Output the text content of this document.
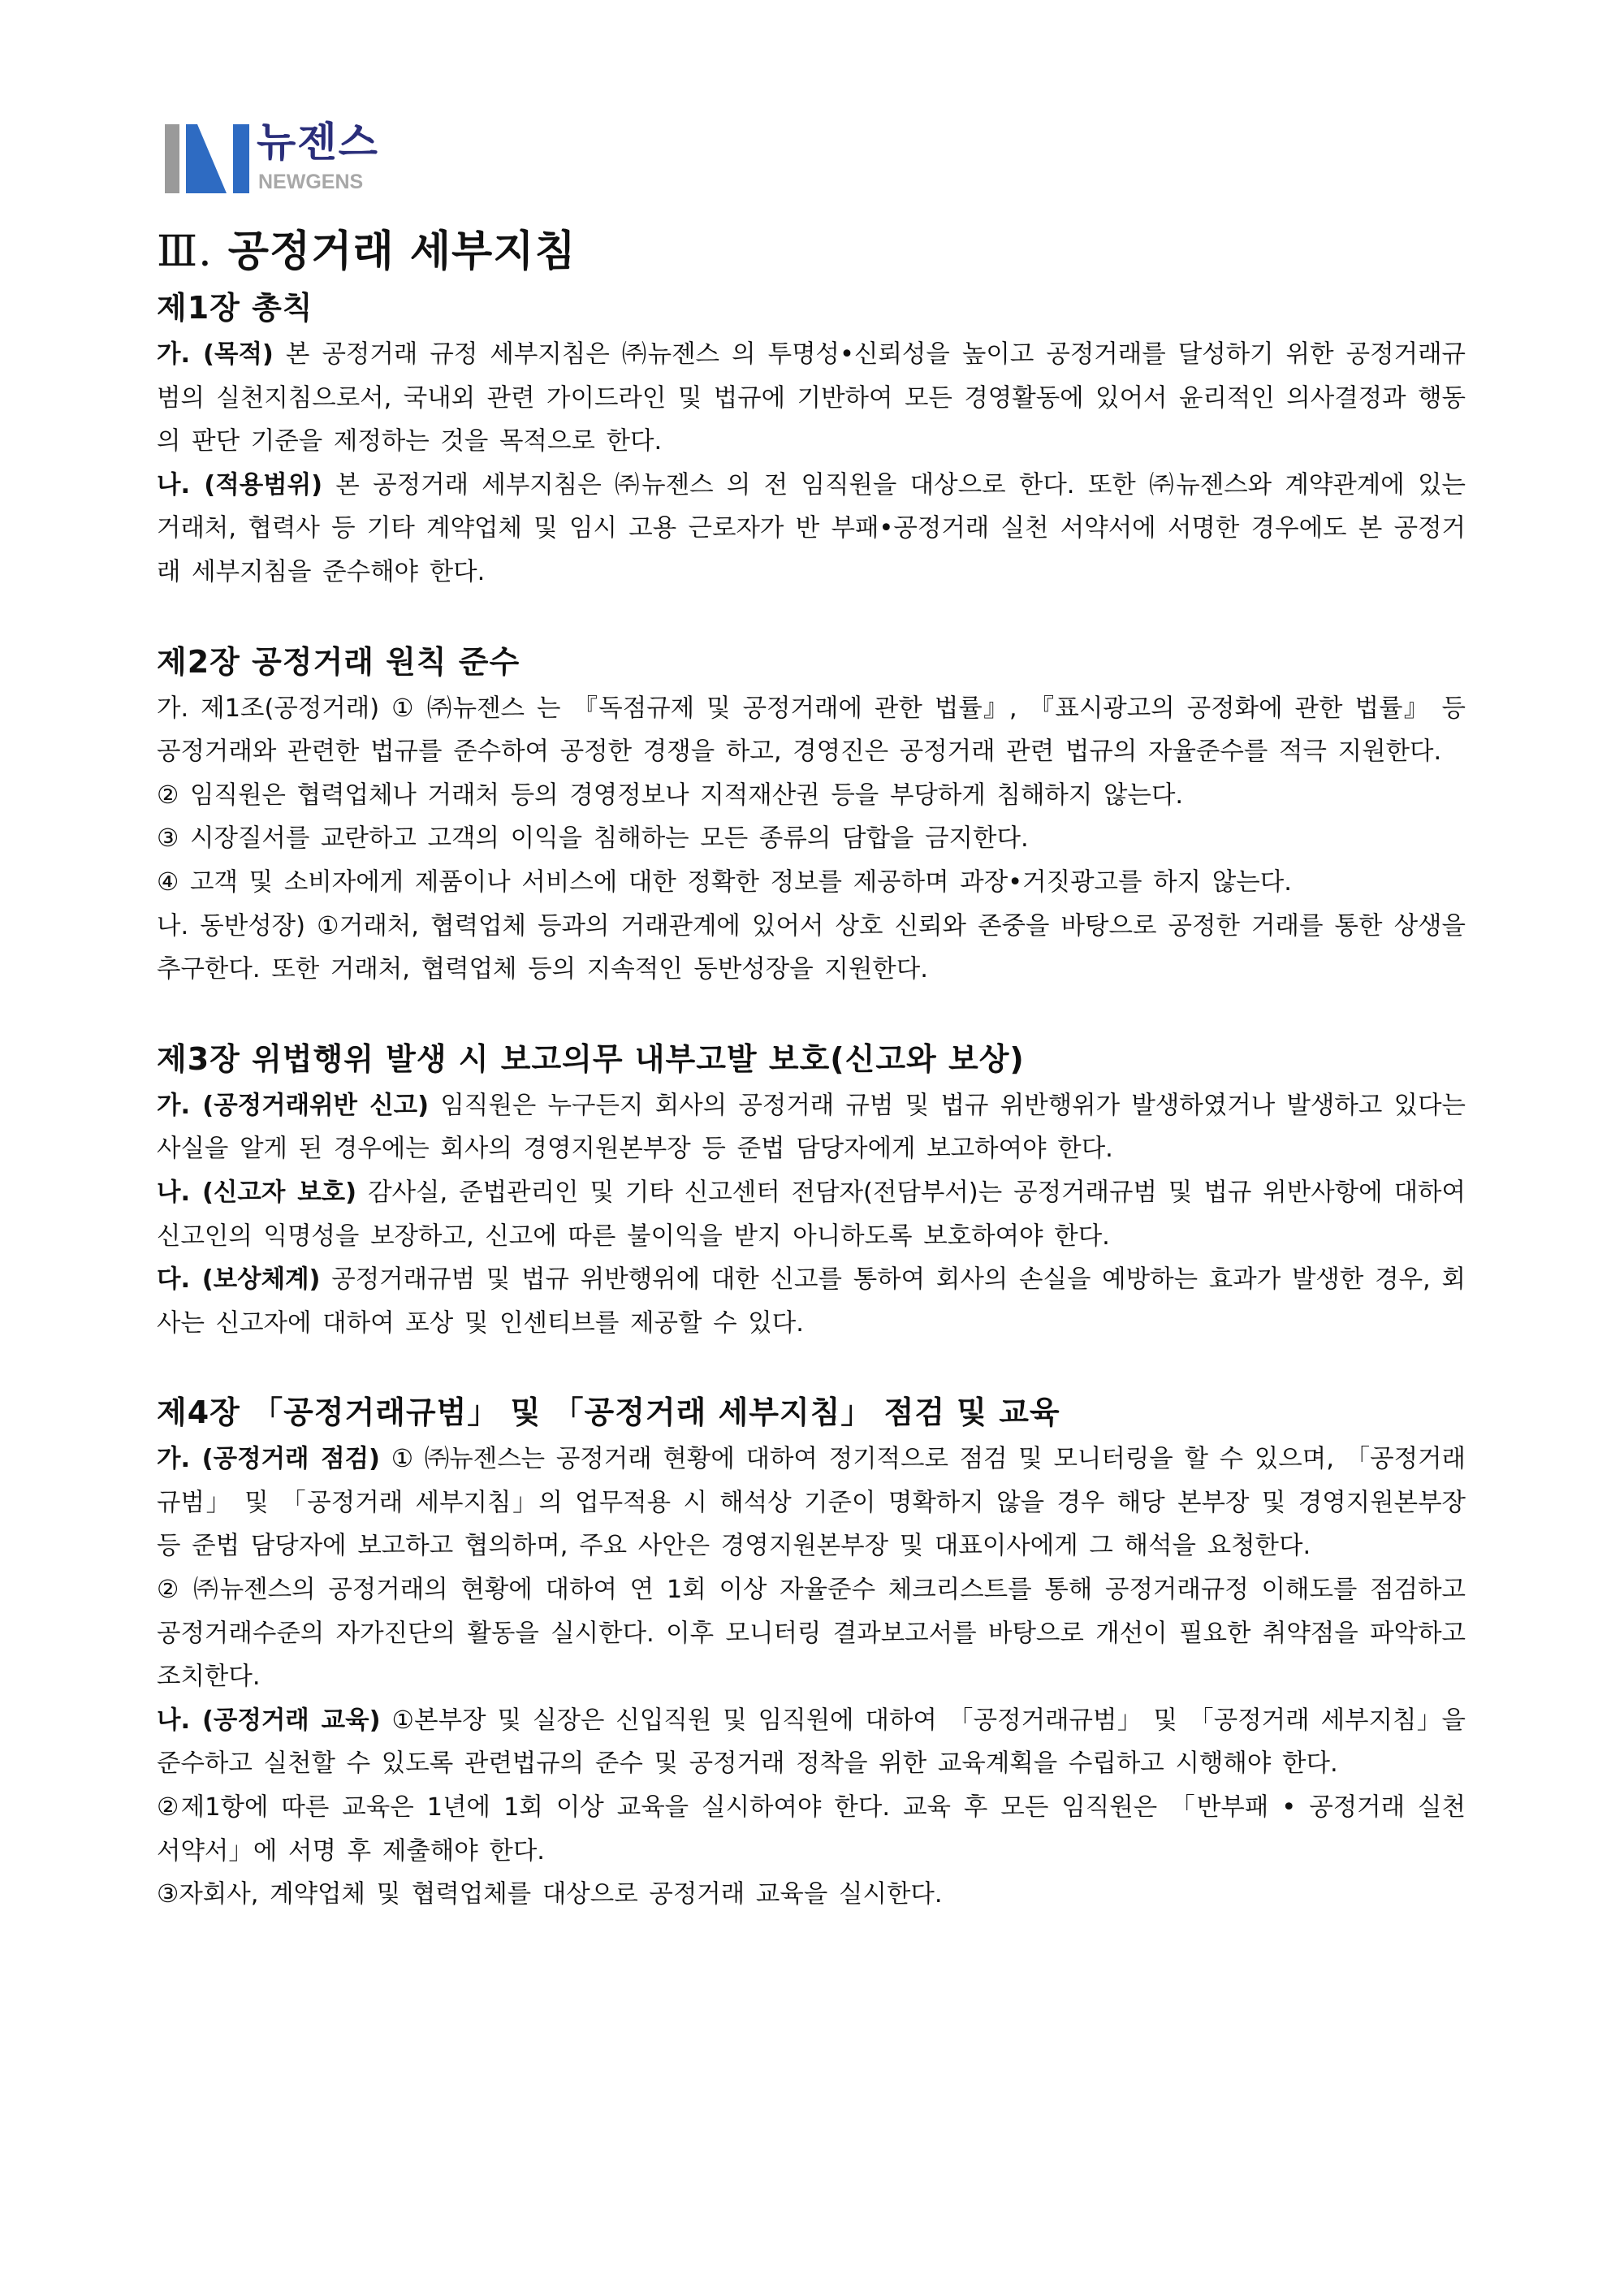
뉴젠스
NEWGENS
Ⅲ. 공정거래 세부지침
제1장 총칙

가. (목적) 본 공정거래 규정 세부지침은 ㈜뉴젠스 의 투명성•신뢰성을 높이고 공정거래를 달성하기 위한 공정거래규범의 실천지침으로서, 국내외 관련 가이드라인 및 법규에 기반하여 모든 경영활동에 있어서 윤리적인 의사결정과 행동의 판단 기준을 제정하는 것을 목적으로 한다.

나. (적용범위) 본 공정거래 세부지침은 ㈜뉴젠스 의 전 임직원을 대상으로 한다. 또한 ㈜뉴젠스와 계약관계에 있는 거래처, 협력사 등 기타 계약업체 및 임시 고용 근로자가 반 부패•공정거래 실천 서약서에 서명한 경우에도 본 공정거래 세부지침을 준수해야 한다.

제2장 공정거래 원칙 준수

가. 제1조(공정거래) ① ㈜뉴젠스 는 『독점규제 및 공정거래에 관한 법률』, 『표시광고의 공정화에 관한 법률』 등 공정거래와 관련한 법규를 준수하여 공정한 경쟁을 하고, 경영진은 공정거래 관련 법규의 자율준수를 적극 지원한다.

② 임직원은 협력업체나 거래처 등의 경영정보나 지적재산권 등을 부당하게 침해하지 않는다.

③ 시장질서를 교란하고 고객의 이익을 침해하는 모든 종류의 담합을 금지한다.

④ 고객 및 소비자에게 제품이나 서비스에 대한 정확한 정보를 제공하며 과장•거짓광고를 하지 않는다.

나. 동반성장) ①거래처, 협력업체 등과의 거래관계에 있어서 상호 신뢰와 존중을 바탕으로 공정한 거래를 통한 상생을 추구한다. 또한 거래처, 협력업체 등의 지속적인 동반성장을 지원한다.

제3장 위법행위 발생 시 보고의무 내부고발 보호(신고와 보상)

가. (공정거래위반 신고) 임직원은 누구든지 회사의 공정거래 규범 및 법규 위반행위가 발생하였거나 발생하고 있다는 사실을 알게 된 경우에는 회사의 경영지원본부장 등 준법 담당자에게 보고하여야 한다.

나. (신고자 보호) 감사실, 준법관리인 및 기타 신고센터 전담자(전담부서)는 공정거래규범 및 법규 위반사항에 대하여 신고인의 익명성을 보장하고, 신고에 따른 불이익을 받지 아니하도록 보호하여야 한다.

다. (보상체계) 공정거래규범 및 법규 위반행위에 대한 신고를 통하여 회사의 손실을 예방하는 효과가 발생한 경우, 회사는 신고자에 대하여 포상 및 인센티브를 제공할 수 있다.

제4장 「공정거래규범」 및 「공정거래 세부지침」 점검 및 교육

가. (공정거래 점검) ① ㈜뉴젠스는 공정거래 현황에 대하여 정기적으로 점검 및 모니터링을 할 수 있으며, 「공정거래규범」 및 「공정거래 세부지침」의 업무적용 시 해석상 기준이 명확하지 않을 경우 해당 본부장 및 경영지원본부장 등 준법 담당자에 보고하고 협의하며, 주요 사안은 경영지원본부장 및 대표이사에게 그 해석을 요청한다.

② ㈜뉴젠스의 공정거래의 현황에 대하여 연 1회 이상 자율준수 체크리스트를 통해 공정거래규정 이해도를 점검하고 공정거래수준의 자가진단의 활동을 실시한다. 이후 모니터링 결과보고서를 바탕으로 개선이 필요한 취약점을 파악하고 조치한다.

나. (공정거래 교육) ①본부장 및 실장은 신입직원 및 임직원에 대하여 「공정거래규범」 및 「공정거래 세부지침」을 준수하고 실천할 수 있도록 관련법규의 준수 및 공정거래 정착을 위한 교육계획을 수립하고 시행해야 한다.

②제1항에 따른 교육은 1년에 1회 이상 교육을 실시하여야 한다. 교육 후 모든 임직원은 「반부패 • 공정거래 실천 서약서」에 서명 후 제출해야 한다.

③자회사, 계약업체 및 협력업체를 대상으로 공정거래 교육을 실시한다.
